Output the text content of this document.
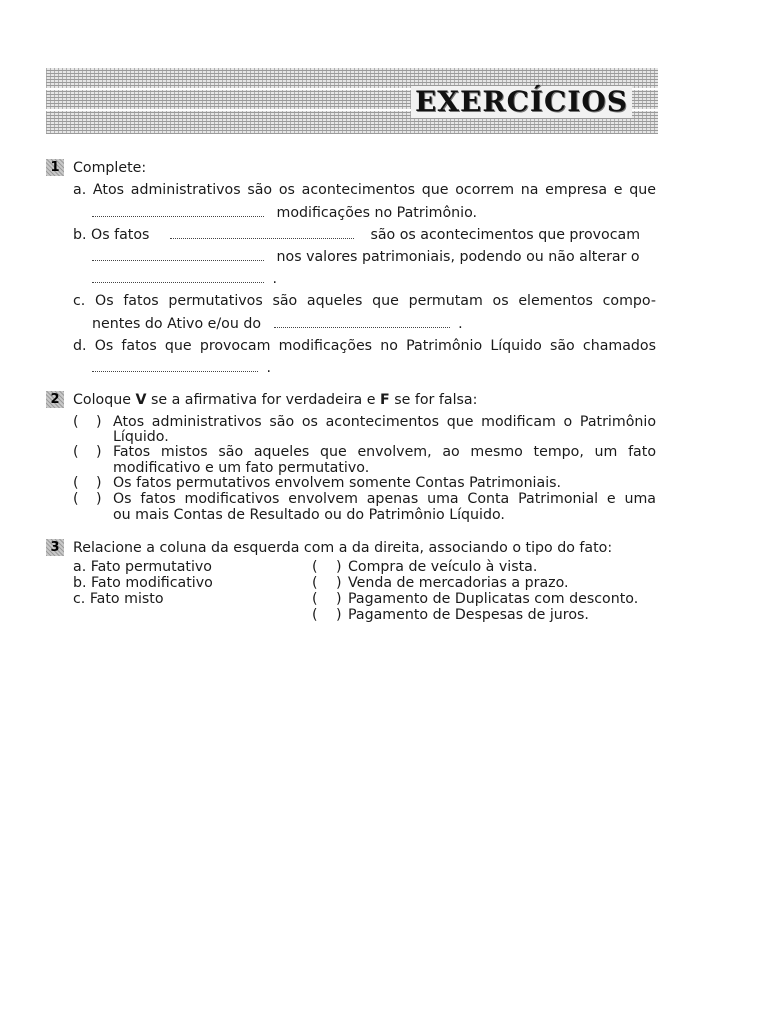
EXERCÍCIOS
1 Complete:
a. Atos administrativos são os acontecimentos que ocorrem na empresa e que
modificações no Patrimônio.
b. Os fatos	são os acontecimentos que provocam
nos valores patrimoniais, podendo ou não alterar o
.
c. Os fatos permutativos são aqueles que permutam os elementos compo-
nentes do Ativo e/ou do	.
d. Os fatos que provocam modificações no Patrimônio Líquido são chamados
.
2 Coloque V se a afirmativa for verdadeira e F se for falsa:
( ) Atos administrativos são os acontecimentos que modificam o Patrimônio
Líquido.
( ) Fatos mistos são aqueles que envolvem, ao mesmo tempo, um fato
modificativo e um fato permutativo.
( ) Os fatos permutativos envolvem somente Contas Patrimoniais.
( ) Os fatos modificativos envolvem apenas uma Conta Patrimonial e uma
ou mais Contas de Resultado ou do Patrimônio Líquido.
3 Relacione a coluna da esquerda com a da direita, associando o tipo do fato:
a. Fato permutativo
b. Fato modificativo
c. Fato misto
( ) Compra de veículo à vista.
( ) Venda de mercadorias a prazo.
( ) Pagamento de Duplicatas com desconto.
( ) Pagamento de Despesas de juros.
